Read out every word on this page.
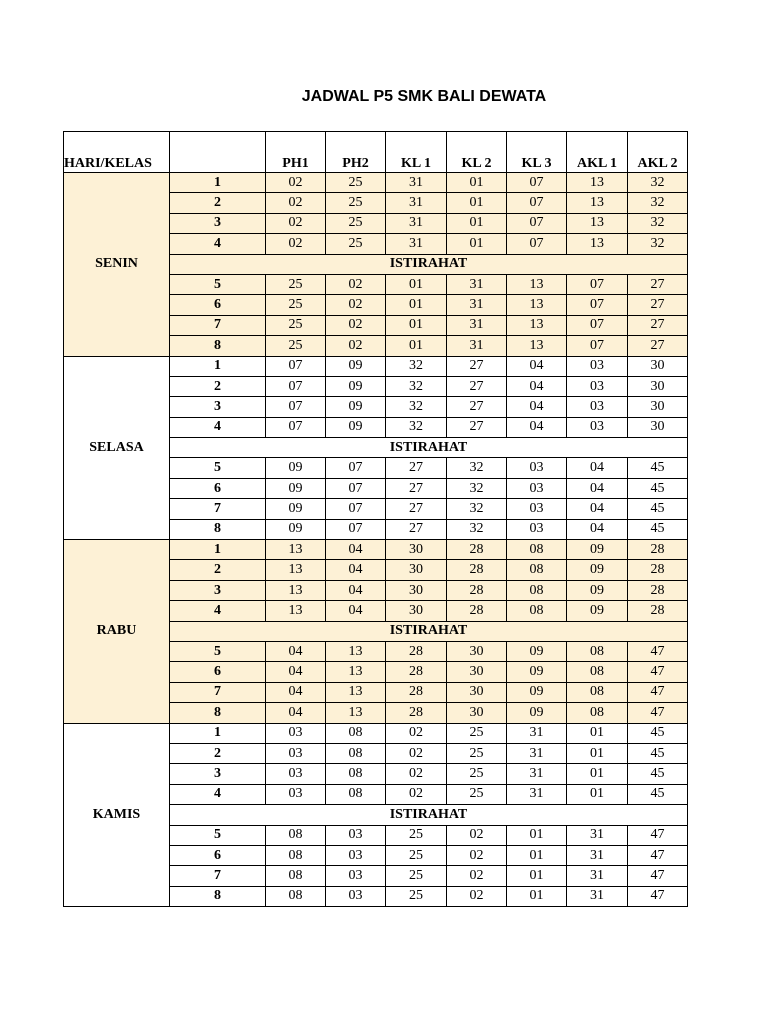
JADWAL P5 SMK BALI DEWATA
HARI/KELAS		PH1	PH2	KL 1	KL 2	KL 3	AKL 1	AKL 2
SENIN	1	02	25	31	01	07	13	32
	2	02	25	31	01	07	13	32
	3	02	25	31	01	07	13	32
	4	02	25	31	01	07	13	32
	ISTIRAHAT							
	5	25	02	01	31	13	07	27
	6	25	02	01	31	13	07	27
	7	25	02	01	31	13	07	27
	8	25	02	01	31	13	07	27
SELASA	1	07	09	32	27	04	03	30
	2	07	09	32	27	04	03	30
	3	07	09	32	27	04	03	30
	4	07	09	32	27	04	03	30
	ISTIRAHAT							
	5	09	07	27	32	03	04	45
	6	09	07	27	32	03	04	45
	7	09	07	27	32	03	04	45
	8	09	07	27	32	03	04	45
RABU	1	13	04	30	28	08	09	28
	2	13	04	30	28	08	09	28
	3	13	04	30	28	08	09	28
	4	13	04	30	28	08	09	28
	ISTIRAHAT							
	5	04	13	28	30	09	08	47
	6	04	13	28	30	09	08	47
	7	04	13	28	30	09	08	47
	8	04	13	28	30	09	08	47
KAMIS	1	03	08	02	25	31	01	45
	2	03	08	02	25	31	01	45
	3	03	08	02	25	31	01	45
	4	03	08	02	25	31	01	45
	ISTIRAHAT							
	5	08	03	25	02	01	31	47
	6	08	03	25	02	01	31	47
	7	08	03	25	02	01	31	47
	8	08	03	25	02	01	31	47
